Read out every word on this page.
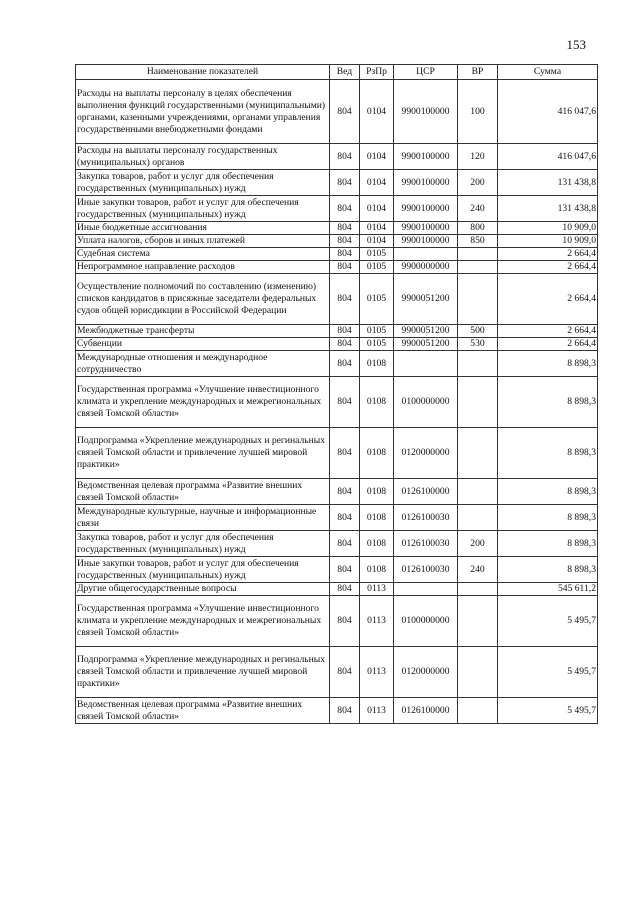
153
Наименование показателей	Вед	РзПр	ЦСР	ВР	Сумма
Расходы на выплаты персоналу в целях обеспечения выполнения функций государственными (муниципальными) органами, казенными учреждениями, органами управления государственными внебюджетными фондами	804	0104	9900100000	100	416 047,6
Расходы на выплаты персоналу государственных (муниципальных) органов	804	0104	9900100000	120	416 047,6
Закупка товаров, работ и услуг для обеспечения государственных (муниципальных) нужд	804	0104	9900100000	200	131 438,8
Иные закупки товаров, работ и услуг для обеспечения государственных (муниципальных) нужд	804	0104	9900100000	240	131 438,8
Иные бюджетные ассигнования	804	0104	9900100000	800	10 909,0
Уплата налогов, сборов и иных платежей	804	0104	9900100000	850	10 909,0
Судебная система	804	0105			2 664,4
Непрограммное направление расходов	804	0105	9900000000		2 664,4
Осуществление полномочий по составлению (изменению) списков кандидатов в присяжные заседатели федеральных судов общей юрисдикции в Российской Федерации	804	0105	9900051200		2 664,4
Межбюджетные трансферты	804	0105	9900051200	500	2 664,4
Субвенции	804	0105	9900051200	530	2 664,4
Международные отношения и международное сотрудничество	804	0108			8 898,3
Государственная программа «Улучшение инвестиционного климата и укрепление международных и межрегиональных связей Томской области»	804	0108	0100000000		8 898,3
Подпрограмма «Укрепление международных и регинальных связей Томской области и привлечение лучшей мировой практики»	804	0108	0120000000		8 898,3
Ведомственная целевая программа «Развитие внешних связей Томской области»	804	0108	0126100000		8 898,3
Международные культурные, научные и информационные связи	804	0108	0126100030		8 898,3
Закупка товаров, работ и услуг для обеспечения государственных (муниципальных) нужд	804	0108	0126100030	200	8 898,3
Иные закупки товаров, работ и услуг для обеспечения государственных (муниципальных) нужд	804	0108	0126100030	240	8 898,3
Другие общегосударственные вопросы	804	0113			545 611,2
Государственная программа «Улучшение инвестиционного климата и укрепление международных и межрегиональных связей Томской области»	804	0113	0100000000		5 495,7
Подпрограмма «Укрепление международных и регинальных связей Томской области и привлечение лучшей мировой практики»	804	0113	0120000000		5 495,7
Ведомственная целевая программа «Развитие внешних связей Томской области»	804	0113	0126100000		5 495,7
